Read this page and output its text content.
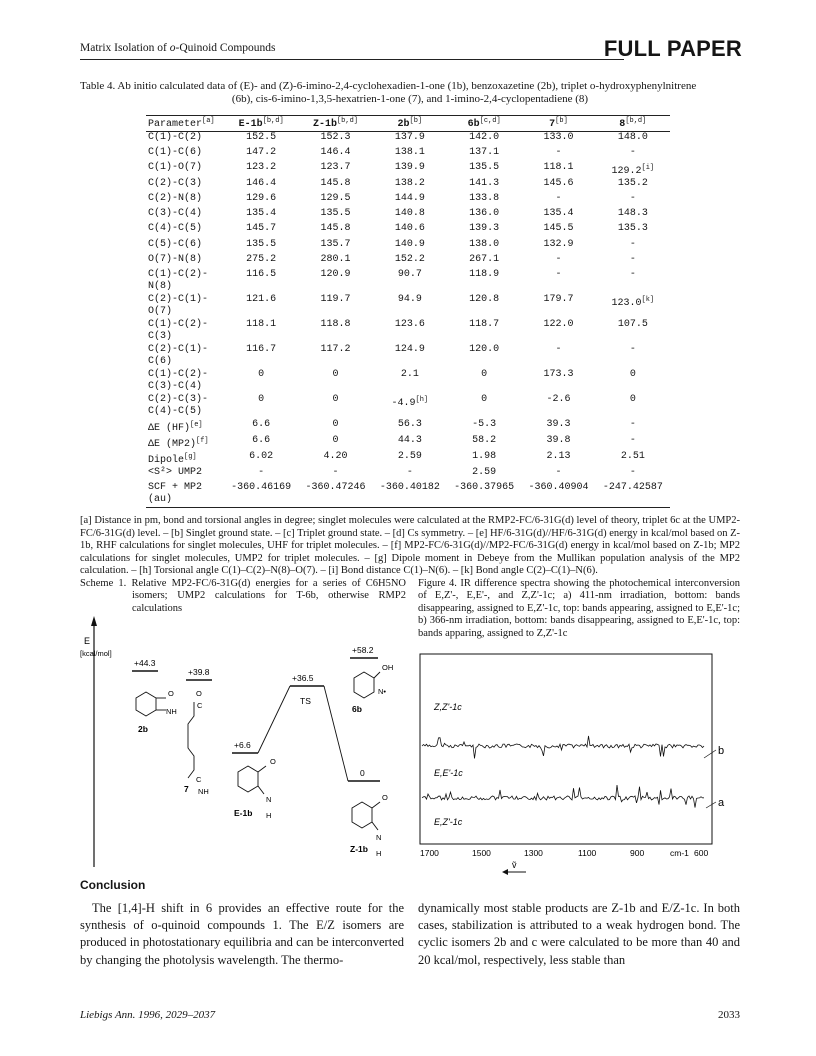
Matrix Isolation of o-Quinoid Compounds	FULL PAPER
Table 4. Ab initio calculated data of (E)- and (Z)-6-imino-2,4-cyclohexadien-1-one (1b), benzoxazetine (2b), triplet o-hydroxyphenylnitrene
(6b), cis-6-imino-1,3,5-hexatrien-1-one (7), and 1-imino-2,4-cyclopentadiene (8)
Parameter[a]	E-1b[b,d]	Z-1b[b,d]	2b[b]	6b[c,d]	7[b]	8[b,d]
C(1)-C(2)	152.5	152.3	137.9	142.0	133.0	148.0
C(1)-C(6)	147.2	146.4	138.1	137.1	-	-
C(1)-O(7)	123.2	123.7	139.9	135.5	118.1	129.2[i]
C(2)-C(3)	146.4	145.8	138.2	141.3	145.6	135.2
C(2)-N(8)	129.6	129.5	144.9	133.8	-	-
C(3)-C(4)	135.4	135.5	140.8	136.0	135.4	148.3
C(4)-C(5)	145.7	145.8	140.6	139.3	145.5	135.3
C(5)-C(6)	135.5	135.7	140.9	138.0	132.9	-
O(7)-N(8)	275.2	280.1	152.2	267.1	-	-
C(1)-C(2)-
N(8)	116.5	120.9	90.7	118.9	-	-
C(2)-C(1)-
O(7)	121.6	119.7	94.9	120.8	179.7	123.0[k]
C(1)-C(2)-
C(3)	118.1	118.8	123.6	118.7	122.0	107.5
C(2)-C(1)-
C(6)	116.7	117.2	124.9	120.0	-	-
C(1)-C(2)-
C(3)-C(4)	0	0	2.1	0	173.3	0
C(2)-C(3)-
C(4)-C(5)	0	0	-4.9[h]	0	-2.6	0
ΔE (HF)[e]	6.6	0	56.3	-5.3	39.3	-
ΔE (MP2)[f]	6.6	0	44.3	58.2	39.8	-
Dipole[g]	6.02	4.20	2.59	1.98	2.13	2.51
<S²> UMP2	-	-	-	2.59	-	-
SCF + MP2
(au)	-360.46169	-360.47246	-360.40182	-360.37965	-360.40904	-247.42587
[a] Distance in pm, bond and torsional angles in degree; singlet molecules were calculated at the RMP2-FC/6-31G(d) level of theory, triplet 6c at the UMP2-FC/6-31G(d) level. – [b] Singlet ground state. – [c] Triplet ground state. – [d] Cs symmetry. – [e] HF/6-31G(d)//HF/6-31G(d) energy in kcal/mol based on Z-1b, RHF calculations for singlet molecules, UHF for triplet molecules. – [f] MP2-FC/6-31G(d)//MP2-FC/6-31G(d) energy in kcal/mol based on Z-1b; MP2 calculations for singlet molecules, UMP2 for triplet molecules. – [g] Dipole moment in Debeye from the Mullikan population analysis of the MP2 calculation. – [h] Torsional angle C(1)–C(2)–N(8)–O(7). – [i] Bond distance C(1)–N(6). – [k] Bond angle C(2)–C(1)–N(6).
Scheme 1. Relative MP2-FC/6-31G(d) energies for a series of C6H5NO isomers; UMP2 calculations for T-6b, otherwise RMP2 calculations
Figure 4. IR difference spectra showing the photochemical interconversion of E,Z'-, E,E'-, and Z,Z'-1c; a) 411-nm irradiation, bottom: bands disappearing, assigned to E,Z'-1c, top: bands appearing, assigned to E,E'-1c; b) 366-nm irradiation, bottom: bands disappearing, assigned to E,E'-1c, top: bands apparing, assigned to Z,Z'-1c
E
[kcal/mol]
+44.3
+39.8
+36.5
+58.2
+6.6
0
TS
O
NH
O
C
C
NH
OH
N•
O
N
H
O
N
H
2b
7
6b
E-1b
Z-1b
Z,Z'-1c
E,E'-1c
E,Z'-1c
b
a
1700	1500	1300	1100	900	600
cm-1
ṽ
Conclusion
The [1,4]-H shift in 6 provides an effective route for the synthesis of o-quinoid compounds 1. The E/Z isomers are produced in photostationary equilibria and can be interconverted by changing the photolysis wavelength. The thermo-
dynamically most stable products are Z-1b and E/Z-1c. In both cases, stabilization is attributed to a weak hydrogen bond. The cyclic isomers 2b and c were calculated to be more than 40 and 20 kcal/mol, respectively, less stable than
Liebigs Ann. 1996, 2029–2037	2033
